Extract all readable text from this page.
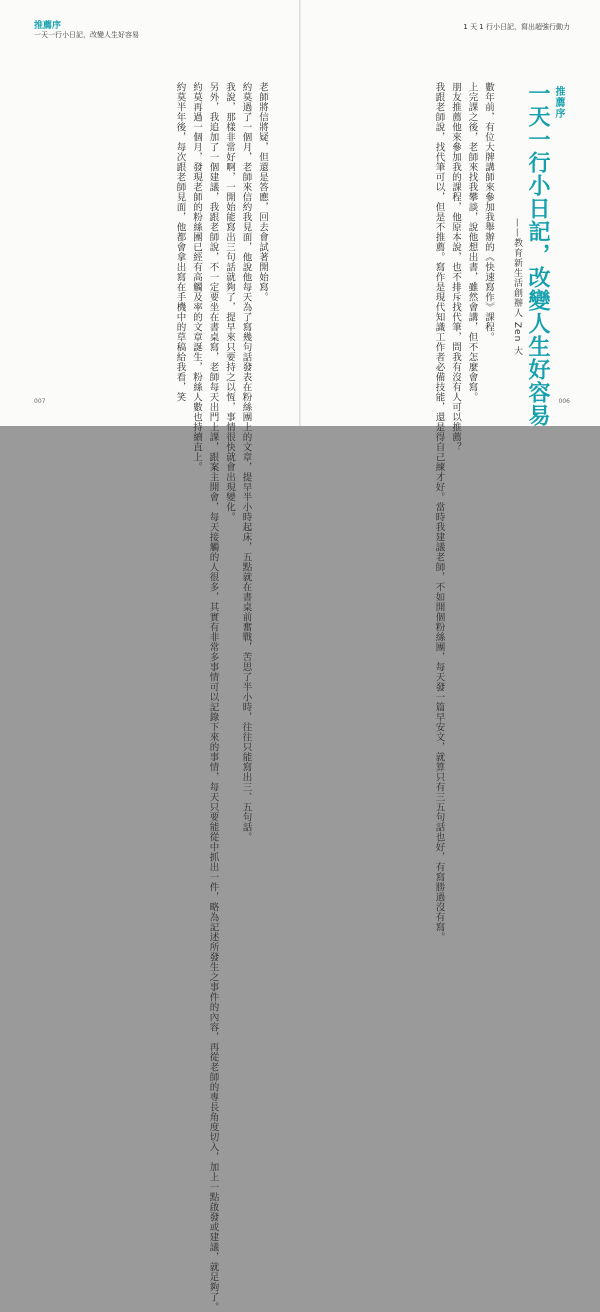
推薦序
一天一行小日記，改變人生好容易
老師將信將疑，但還是答應，回去會試著開始寫。
約莫過了一個月，老師來信約我見面，他說他每天為了寫幾句話發表在粉絲團上的文章，提早半小時起床，五點就在書桌前奮戰，苦思了半小時，往往只能寫出三、五句話。
我說，那樣非常好啊，一開始能寫出三句話就夠了，提早來只要持之以恆，事情很快就會出現變化。
另外，我追加了一個建議，我跟老師說，不一定要坐在書桌寫，老師每天出門上課，跟案主開會，每天接觸的人很多，其實有非常多事情可以記錄下來的事情，每天只要能從中抓出一件，略為記述所發生之事件的內容，再從老師的專長角度切入，加上一點啟發或建議，就足夠了。
約莫再過一個月，發現老師的粉絲團已經有高觸及率的文章誕生，粉絲人數也持續直上。
約莫半年後，每次跟老師見面，他都會拿出寫在手機中的草稿給我看，笑
007
1 天 1 行小日記，寫出超強行動力
推薦序
一天一行小日記，改變人生好容易
——教育新生活創辦人 Zen 大
數年前，有位大牌講師來參加我舉辦的《快速寫作》課程。
上完課之後，老師來找我攀談，說他想出書，雖然會講，但不怎麼會寫。
朋友推薦他來參加我的課程，他原本說，也不排斥找代筆，問我有沒有人可以推薦？
我跟老師說，找代筆可以，但是不推薦。寫作是現代知識工作者必備技能，還是得自己練才好。當時我建議老師，不如開個粉絲團，每天發一篇早安文，就算只有三五句話也好，有寫勝過沒有寫。	006
